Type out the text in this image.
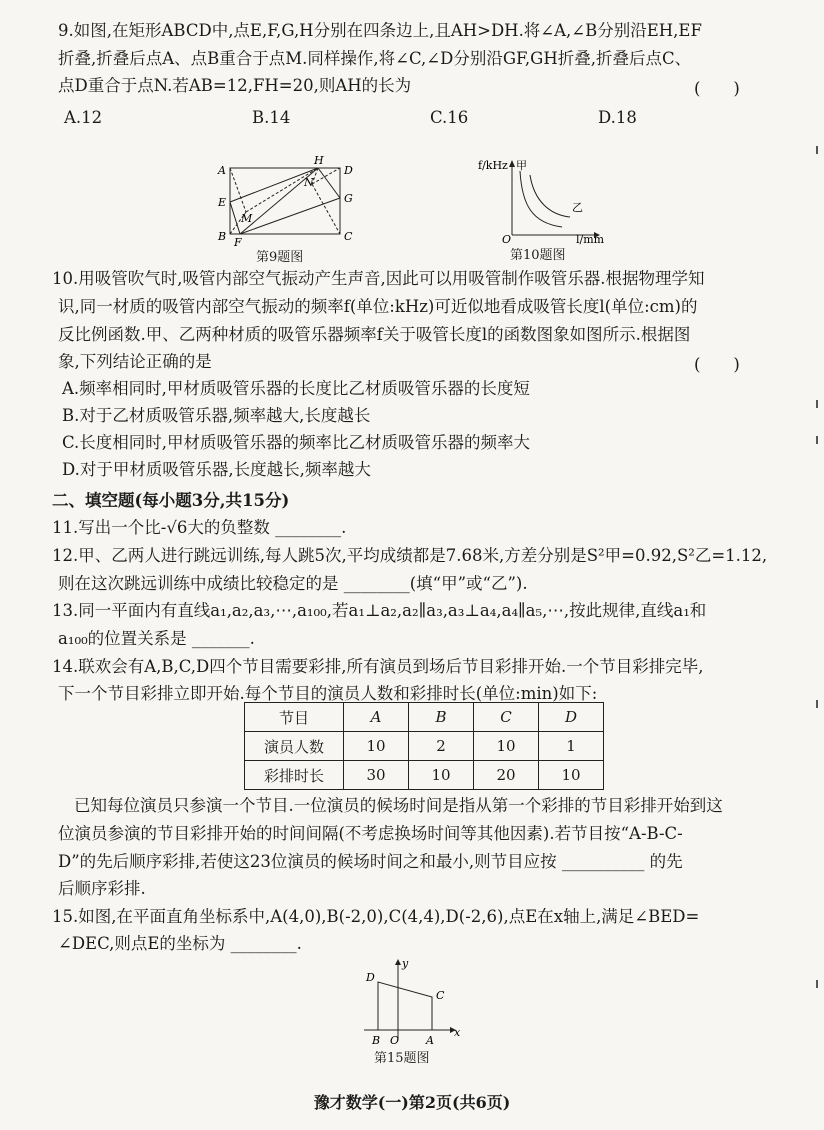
9.如图,在矩形ABCD中,点E,F,G,H分别在四条边上,且AH>DH.将∠A,∠B分别沿EH,EF
折叠,折叠后点A、点B重合于点M.同样操作,将∠C,∠D分别沿GF,GH折叠,折叠后点C、
点D重合于点N.若AB=12,FH=20,则AH的长为	(　　)
A.12	B.14	C.16	D.18
A
B	C
D
E
F
G
H
M
N
第9题图
f/kHz 甲
乙
O	l/mm
第10题图
10.用吸管吹气时,吸管内部空气振动产生声音,因此可以用吸管制作吸管乐器.根据物理学知
识,同一材质的吸管内部空气振动的频率f(单位:kHz)可近似地看成吸管长度l(单位:cm)的
反比例函数.甲、乙两种材质的吸管乐器频率f关于吸管长度l的函数图象如图所示.根据图
象,下列结论正确的是	(　　)
A.频率相同时,甲材质吸管乐器的长度比乙材质吸管乐器的长度短
B.对于乙材质吸管乐器,频率越大,长度越长
C.长度相同时,甲材质吸管乐器的频率比乙材质吸管乐器的频率大
D.对于甲材质吸管乐器,长度越长,频率越大
二、填空题(每小题3分,共15分)
11.写出一个比-√6大的负整数 ________.
12.甲、乙两人进行跳远训练,每人跳5次,平均成绩都是7.68米,方差分别是S²甲=0.92,S²乙=1.12,
则在这次跳远训练中成绩比较稳定的是 ________(填“甲”或“乙”).
13.同一平面内有直线a₁,a₂,a₃,⋯,a₁₀₀,若a₁⊥a₂,a₂∥a₃,a₃⊥a₄,a₄∥a₅,⋯,按此规律,直线a₁和
a₁₀₀的位置关系是 _______.
14.联欢会有A,B,C,D四个节目需要彩排,所有演员到场后节目彩排开始.一个节目彩排完毕,
下一个节目彩排立即开始.每个节目的演员人数和彩排时长(单位:min)如下:
节目	A	B	C	D
演员人数	10	2	10	1
彩排时长	30	10	20	10
已知每位演员只参演一个节目.一位演员的候场时间是指从第一个彩排的节目彩排开始到这
位演员参演的节目彩排开始的时间间隔(不考虑换场时间等其他因素).若节目按“A-B-C-
D”的先后顺序彩排,若使这23位演员的候场时间之和最小,则节目应按 __________ 的先
后顺序彩排.
15.如图,在平面直角坐标系中,A(4,0),B(-2,0),C(4,4),D(-2,6),点E在x轴上,满足∠BED=
∠DEC,则点E的坐标为 ________.
y
x
D
C
B O A
第15题图
豫才数学(一)第2页(共6页)
